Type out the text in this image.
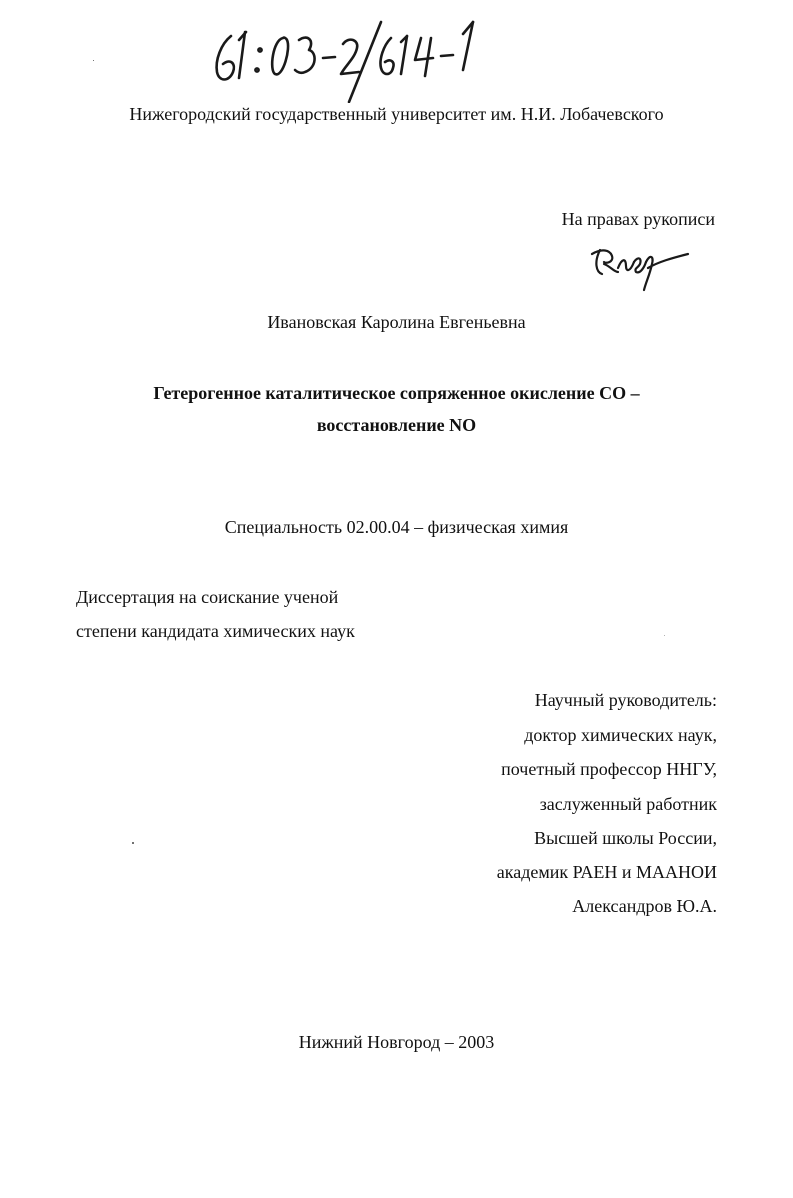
Нижегородский государственный университет им. Н.И. Лобачевского
На правах рукописи
Ивановская Каролина Евгеньевна
Гетерогенное каталитическое сопряженное окисление CO –
восстановление NO
Специальность 02.00.04 – физическая химия
Диссертация на соискание ученой
степени кандидата химических наук
Научный руководитель:
доктор химических наук,
почетный профессор ННГУ,
заслуженный работник
Высшей школы России,
академик РАЕН и МААНОИ
Александров Ю.А.
Нижний Новгород – 2003
